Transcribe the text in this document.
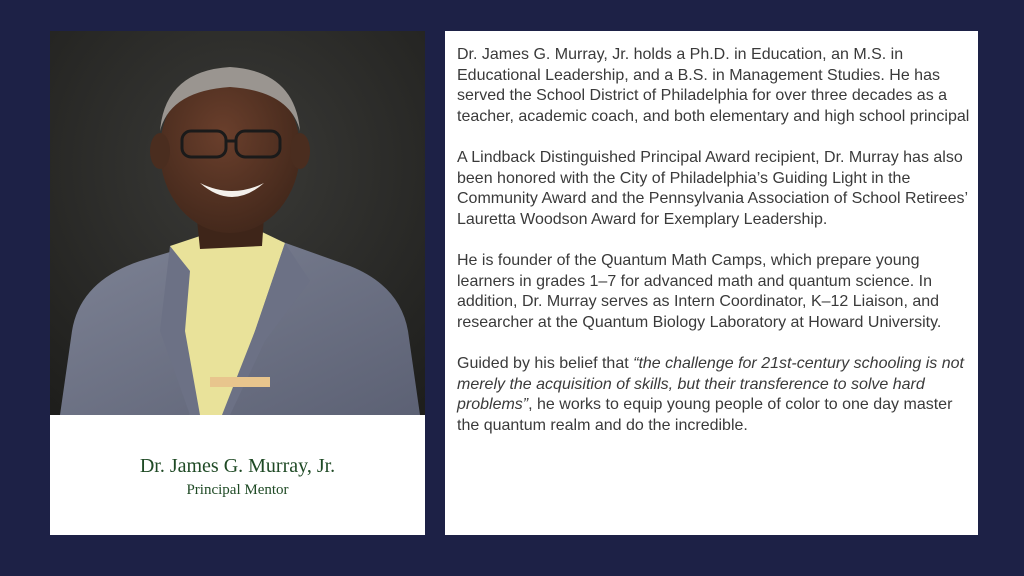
Dr. James G. Murray, Jr.
Principal Mentor

Dr. James G. Murray, Jr. holds a Ph.D. in Education, an M.S. in Educational Leadership, and a B.S. in Management Studies. He has served the School District of Philadelphia for over three decades as a teacher, academic coach, and both elementary and high school principal

A Lindback Distinguished Principal Award recipient, Dr. Murray has also been honored with the City of Philadelphia’s Guiding Light in the Community Award and the Pennsylvania Association of School Retirees’ Lauretta Woodson Award for Exemplary Leadership.

He is founder of the Quantum Math Camps, which prepare young learners in grades 1–7 for advanced math and quantum science. In addition, Dr. Murray serves as Intern Coordinator, K–12 Liaison, and researcher at the Quantum Biology Laboratory at Howard University.

Guided by his belief that “the challenge for 21st-century schooling is not merely the acquisition of skills, but their transference to solve hard problems”, he works to equip young people of color to one day master the quantum realm and do the incredible.
